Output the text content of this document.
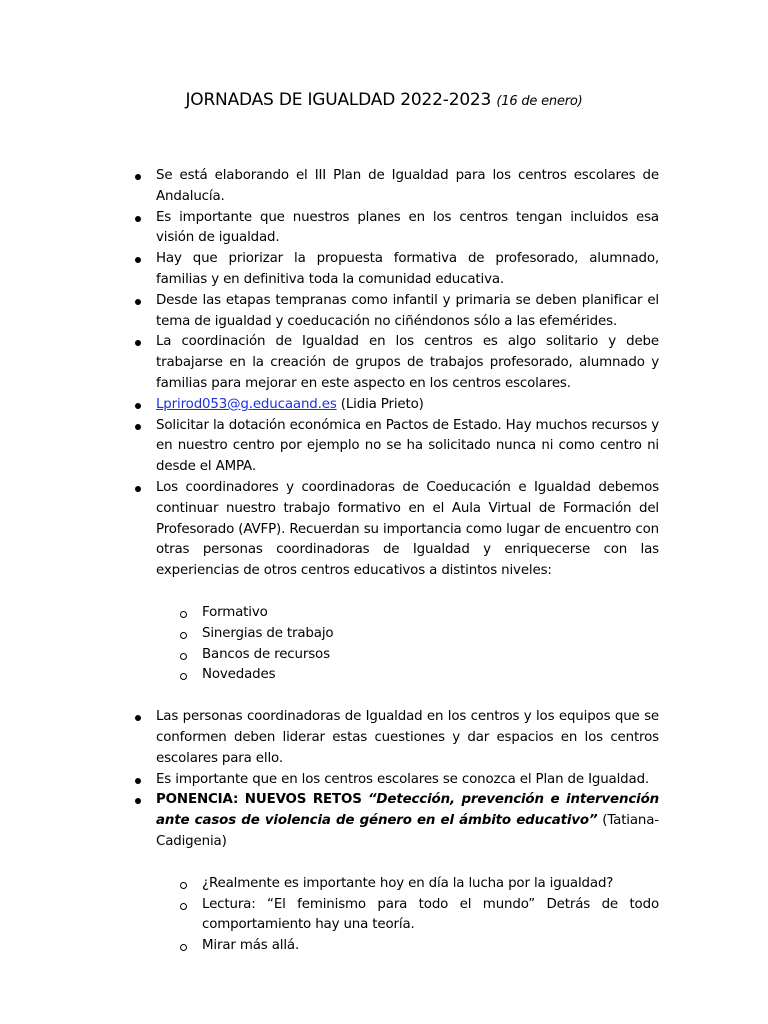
JORNADAS DE IGUALDAD 2022-2023 (16 de enero)
Se está elaborando el III Plan de Igualdad para los centros escolares de Andalucía.
Es importante que nuestros planes en los centros tengan incluidos esa visión de igualdad.
Hay que priorizar la propuesta formativa de profesorado, alumnado, familias y en definitiva toda la comunidad educativa.
Desde las etapas tempranas como infantil y primaria se deben planificar el tema de igualdad y coeducación no ciñéndonos sólo a las efemérides.
La coordinación de Igualdad en los centros es algo solitario y debe trabajarse en la creación de grupos de trabajos profesorado, alumnado y familias para mejorar en este aspecto en los centros escolares.
Lprirod053@g.educaand.es (Lidia Prieto)
Solicitar la dotación económica en Pactos de Estado. Hay muchos recursos y en nuestro centro por ejemplo no se ha solicitado nunca ni como centro ni desde el AMPA.
Los coordinadores y coordinadoras de Coeducación e Igualdad debemos continuar nuestro trabajo formativo en el Aula Virtual de Formación del Profesorado (AVFP). Recuerdan su importancia como lugar de encuentro con otras personas coordinadoras de Igualdad y enriquecerse con las experiencias de otros centros educativos a distintos niveles:
Formativo
Sinergias de trabajo
Bancos de recursos
Novedades
Las personas coordinadoras de Igualdad en los centros y los equipos que se conformen deben liderar estas cuestiones y dar espacios en los centros escolares para ello.
Es importante que en los centros escolares se conozca el Plan de Igualdad.
PONENCIA: NUEVOS RETOS “Detección, prevención e intervención ante casos de violencia de género en el ámbito educativo” (Tatiana-Cadigenia)
¿Realmente es importante hoy en día la lucha por la igualdad?
Lectura: “El feminismo para todo el mundo” Detrás de todo comportamiento hay una teoría.
Mirar más allá.
